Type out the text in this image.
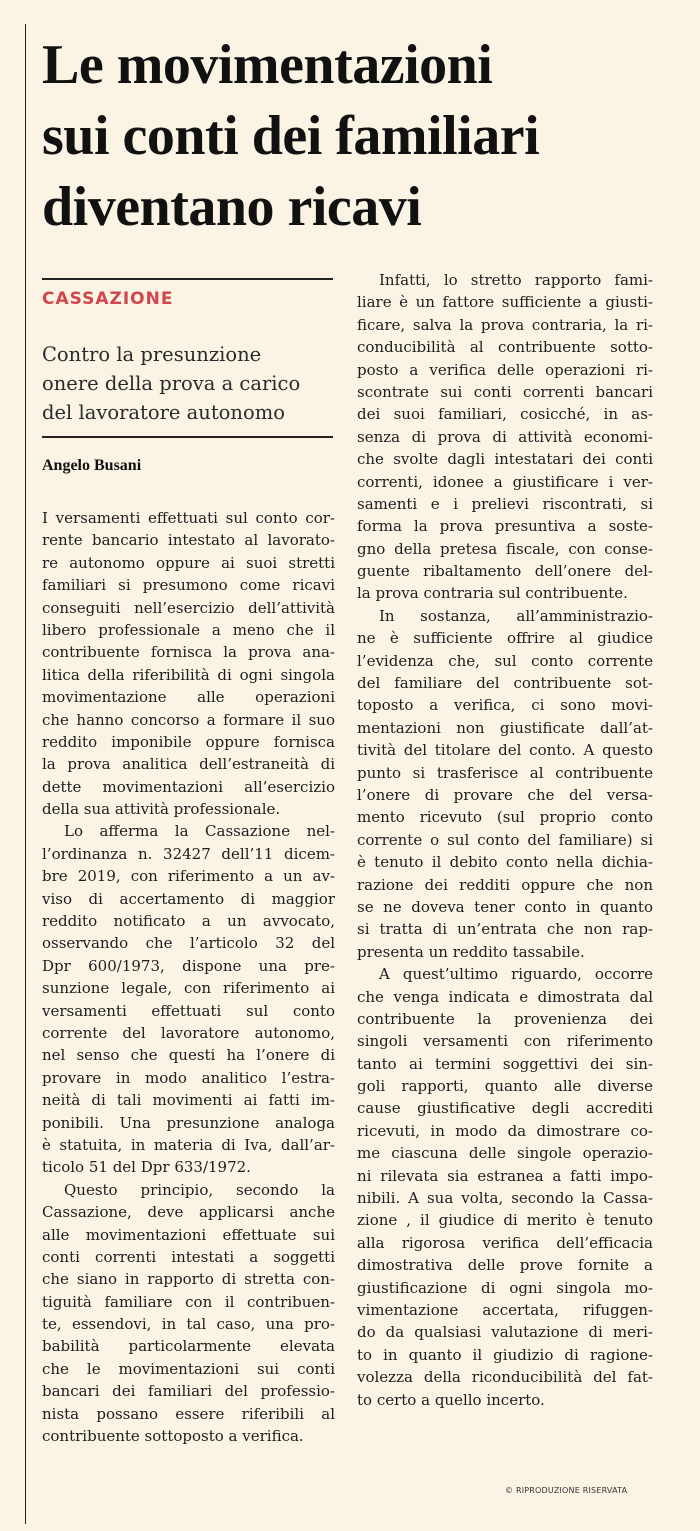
Le movimentazioni
sui conti dei familiari
diventano ricavi
CASSAZIONE
Contro la presunzione
onere della prova a carico
del lavoratore autonomo
Angelo Busani
I versamenti effettuati sul conto cor-
rente bancario intestato al lavorato-
re autonomo oppure ai suoi stretti
familiari si presumono come ricavi
conseguiti nell’esercizio dell’attività
libero professionale a meno che il
contribuente fornisca la prova ana-
litica della riferibilità di ogni singola
movimentazione alle operazioni
che hanno concorso a formare il suo
reddito imponibile oppure fornisca
la prova analitica dell’estraneità di
dette movimentazioni all’esercizio
della sua attività professionale.
Lo afferma la Cassazione nel-
l’ordinanza n. 32427 dell’11 dicem-
bre 2019, con riferimento a un av-
viso di accertamento di maggior
reddito notificato a un avvocato,
osservando che l’articolo 32 del
Dpr 600/1973, dispone una pre-
sunzione legale, con riferimento ai
versamenti effettuati sul conto
corrente del lavoratore autonomo,
nel senso che questi ha l’onere di
provare in modo analitico l’estra-
neità di tali movimenti ai fatti im-
ponibili. Una presunzione analoga
è statuita, in materia di Iva, dall’ar-
ticolo 51 del Dpr 633/1972.
Questo principio, secondo la
Cassazione, deve applicarsi anche
alle movimentazioni effettuate sui
conti correnti intestati a soggetti
che siano in rapporto di stretta con-
tiguità familiare con il contribuen-
te, essendovi, in tal caso, una pro-
babilità particolarmente elevata
che le movimentazioni sui conti
bancari dei familiari del professio-
nista possano essere riferibili al
contribuente sottoposto a verifica.
Infatti, lo stretto rapporto fami-
liare è un fattore sufficiente a giusti-
ficare, salva la prova contraria, la ri-
conducibilità al contribuente sotto-
posto a verifica delle operazioni ri-
scontrate sui conti correnti bancari
dei suoi familiari, cosicché, in as-
senza di prova di attività economi-
che svolte dagli intestatari dei conti
correnti, idonee a giustificare i ver-
samenti e i prelievi riscontrati, si
forma la prova presuntiva a soste-
gno della pretesa fiscale, con conse-
guente ribaltamento dell’onere del-
la prova contraria sul contribuente.
In sostanza, all’amministrazio-
ne è sufficiente offrire al giudice
l’evidenza che, sul conto corrente
del familiare del contribuente sot-
toposto a verifica, ci sono movi-
mentazioni non giustificate dall’at-
tività del titolare del conto. A questo
punto si trasferisce al contribuente
l’onere di provare che del versa-
mento ricevuto (sul proprio conto
corrente o sul conto del familiare) si
è tenuto il debito conto nella dichia-
razione dei redditi oppure che non
se ne doveva tener conto in quanto
si tratta di un’entrata che non rap-
presenta un reddito tassabile.
A quest’ultimo riguardo, occorre
che venga indicata e dimostrata dal
contribuente la provenienza dei
singoli versamenti con riferimento
tanto ai termini soggettivi dei sin-
goli rapporti, quanto alle diverse
cause giustificative degli accrediti
ricevuti, in modo da dimostrare co-
me ciascuna delle singole operazio-
ni rilevata sia estranea a fatti impo-
nibili. A sua volta, secondo la Cassa-
zione , il giudice di merito è tenuto
alla rigorosa verifica dell’efficacia
dimostrativa delle prove fornite a
giustificazione di ogni singola mo-
vimentazione accertata, rifuggen-
do da qualsiasi valutazione di meri-
to in quanto il giudizio di ragione-
volezza della riconducibilità del fat-
to certo a quello incerto.
© RIPRODUZIONE RISERVATA
